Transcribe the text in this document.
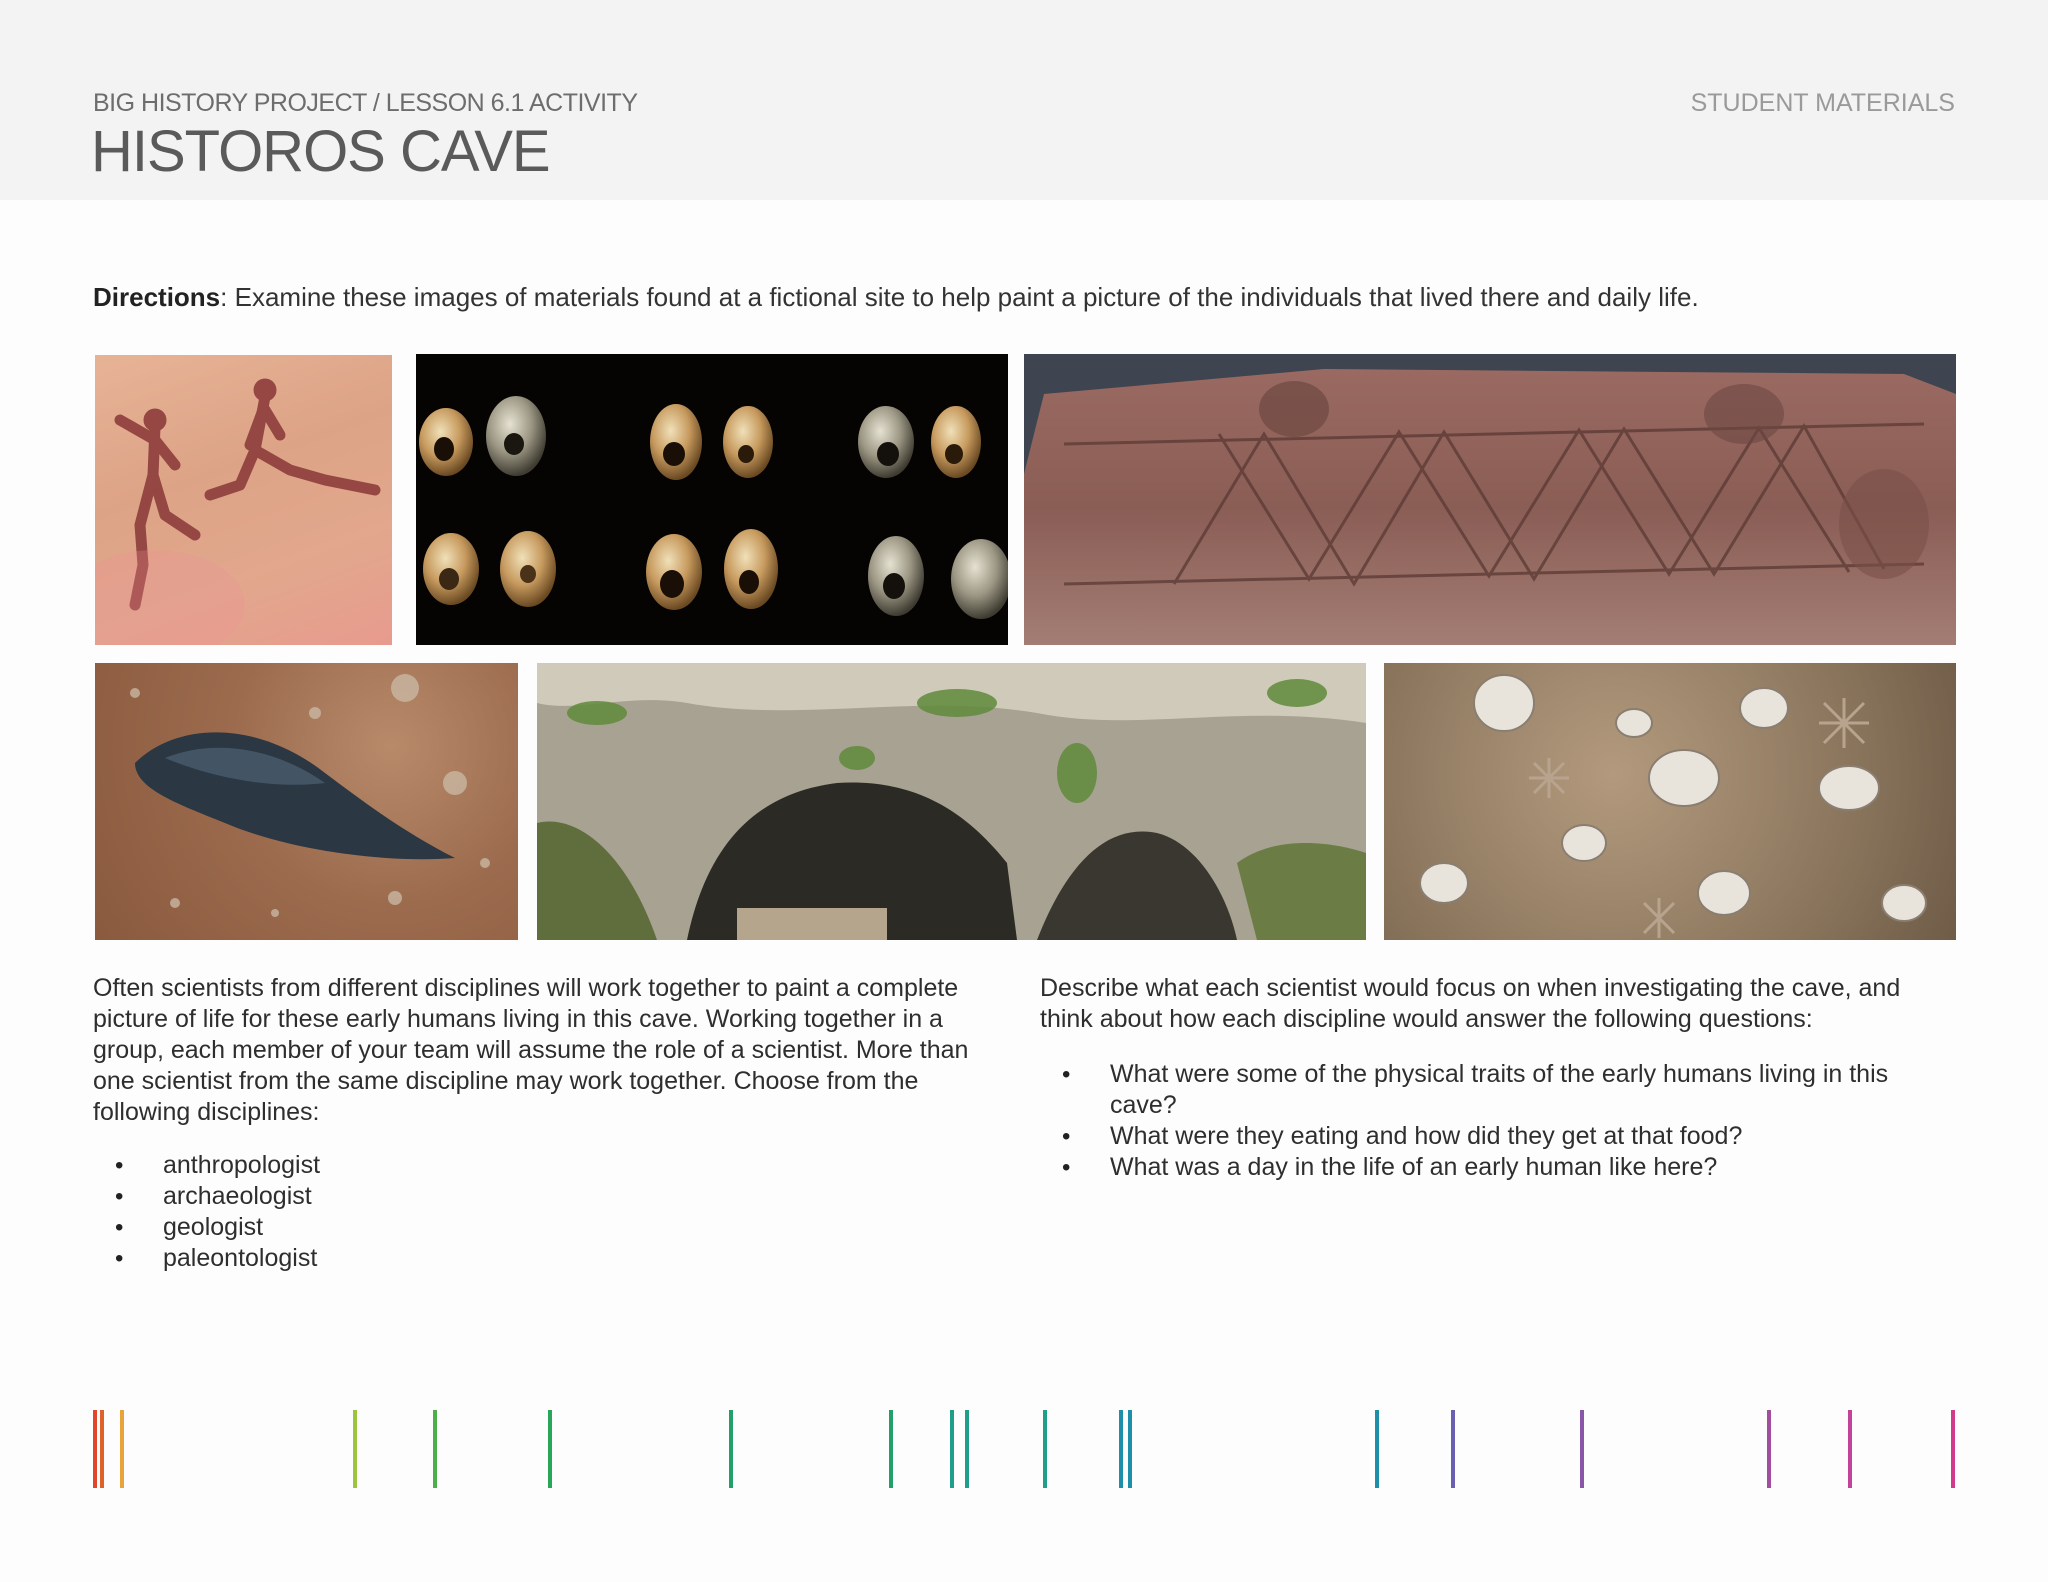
BIG HISTORY PROJECT / LESSON 6.1 ACTIVITY
HISTOROS CAVE
STUDENT MATERIALS
Directions: Examine these images of materials found at a fictional site to help paint a picture of the individuals that lived there and daily life.

Often scientists from different disciplines will work together to paint a complete picture of life for these early humans living in this cave. Working together in a group, each member of your team will assume the role of a scientist. More than one scientist from the same discipline may work together. Choose from the following disciplines:

• anthropologist
• archaeologist
• geologist
• paleontologist

Describe what each scientist would focus on when investigating the cave, and think about how each discipline would answer the following questions:

• What were some of the physical traits of the early humans living in this cave?
• What were they eating and how did they get at that food?
• What was a day in the life of an early human like here?
